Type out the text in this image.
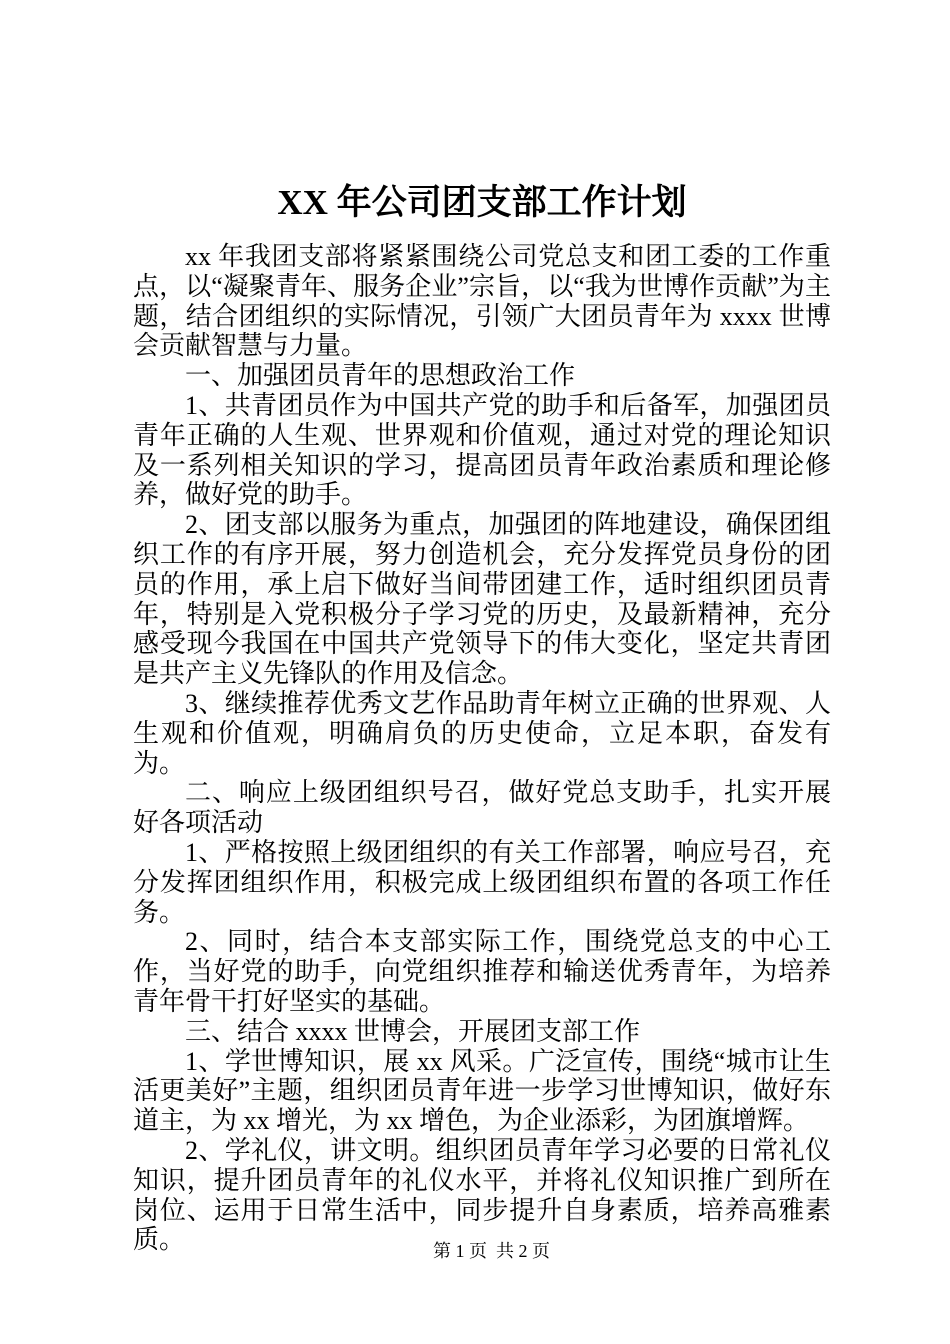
XX 年公司团支部工作计划

xx 年我团支部将紧紧围绕公司党总支和团工委的工作重点，以“凝聚青年、服务企业”宗旨，以“我为世博作贡献”为主题，结合团组织的实际情况，引领广大团员青年为 xxxx 世博会贡献智慧与力量。

一、加强团员青年的思想政治工作

1、共青团员作为中国共产党的助手和后备军，加强团员青年正确的人生观、世界观和价值观，通过对党的理论知识及一系列相关知识的学习，提高团员青年政治素质和理论修养，做好党的助手。

2、团支部以服务为重点，加强团的阵地建设，确保团组织工作的有序开展，努力创造机会，充分发挥党员身份的团员的作用，承上启下做好当间带团建工作，适时组织团员青年，特别是入党积极分子学习党的历史，及最新精神，充分感受现今我国在中国共产党领导下的伟大变化，坚定共青团是共产主义先锋队的作用及信念。

3、继续推荐优秀文艺作品助青年树立正确的世界观、人生观和价值观，明确肩负的历史使命，立足本职，奋发有为。

二、响应上级团组织号召，做好党总支助手，扎实开展好各项活动

1、严格按照上级团组织的有关工作部署，响应号召，充分发挥团组织作用，积极完成上级团组织布置的各项工作任务。

2、同时，结合本支部实际工作，围绕党总支的中心工作，当好党的助手，向党组织推荐和输送优秀青年，为培养青年骨干打好坚实的基础。

三、结合 xxxx 世博会，开展团支部工作

1、学世博知识，展 xx 风采。广泛宣传，围绕“城市让生活更美好”主题，组织团员青年进一步学习世博知识，做好东道主，为 xx 增光，为 xx 增色，为企业添彩，为团旗增辉。

2、学礼仪，讲文明。组织团员青年学习必要的日常礼仪知识，提升团员青年的礼仪水平，并将礼仪知识推广到所在岗位、运用于日常生活中，同步提升自身素质，培养高雅素质。	第 1 页  共 2 页
